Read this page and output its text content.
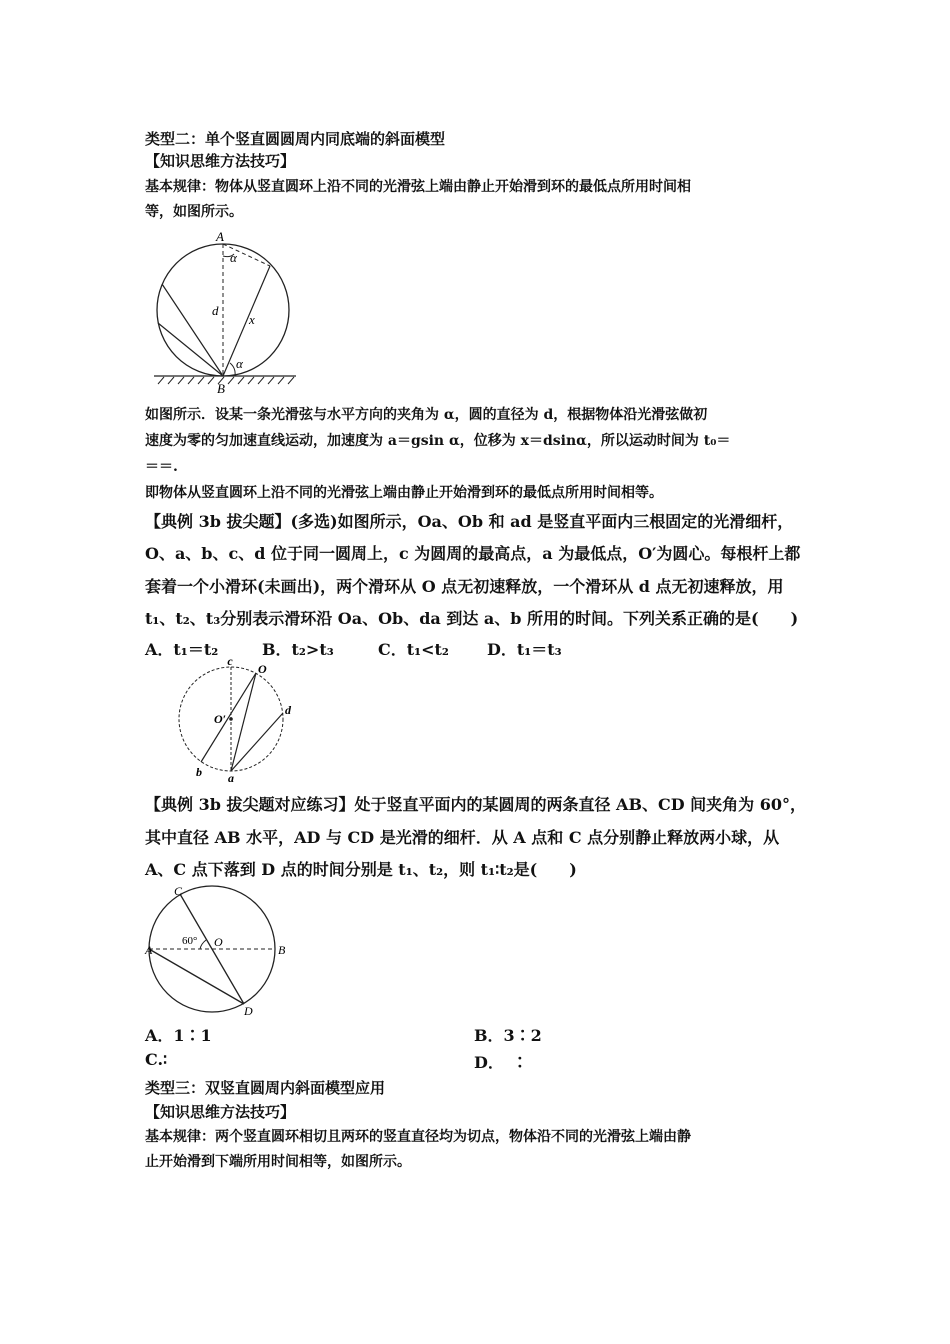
类型二：单个竖直圆圆周内同底端的斜面模型
【知识思维方法技巧】
基本规律：物体从竖直圆环上沿不同的光滑弦上端由静止开始滑到环的最低点所用时间相
等，如图所示。
A
α
d
x
α
B
如图所示．设某一条光滑弦与水平方向的夹角为 α，圆的直径为 d，根据物体沿光滑弦做初
速度为零的匀加速直线运动，加速度为 a＝gsin α，位移为 x＝dsinα，所以运动时间为 t₀＝
＝＝.
即物体从竖直圆环上沿不同的光滑弦上端由静止开始滑到环的最低点所用时间相等。
【典例 3b 拔尖题】(多选)如图所示，Oa、Ob 和 ad 是竖直平面内三根固定的光滑细杆，
O、a、b、c、d 位于同一圆周上，c 为圆周的最高点，a 为最低点，O′为圆心。每根杆上都
套着一个小滑环(未画出)，两个滑环从 O 点无初速释放，一个滑环从 d 点无初速释放，用
t₁、t₂、t₃分别表示滑环沿 Oa、Ob、da 到达 a、b 所用的时间。下列关系正确的是(　　)
A．t₁＝t₂	B．t₂>t₃	C．t₁<t₂ D．t₁＝t₃
c
O
O′
d
b a
【典例 3b 拔尖题对应练习】处于竖直平面内的某圆周的两条直径 AB、CD 间夹角为 60°，
其中直径 AB 水平，AD 与 CD 是光滑的细杆．从 A 点和 C 点分别静止释放两小球，从
A、C 点下落到 D 点的时间分别是 t₁、t₂，则 t₁∶t₂是(　　)
C
A
60° O
B
D
A．1∶1	B．3∶2
C.∶	D．　∶
类型三：双竖直圆周内斜面模型应用
【知识思维方法技巧】
基本规律：两个竖直圆环相切且两环的竖直直径均为切点，物体沿不同的光滑弦上端由静
止开始滑到下端所用时间相等，如图所示。
